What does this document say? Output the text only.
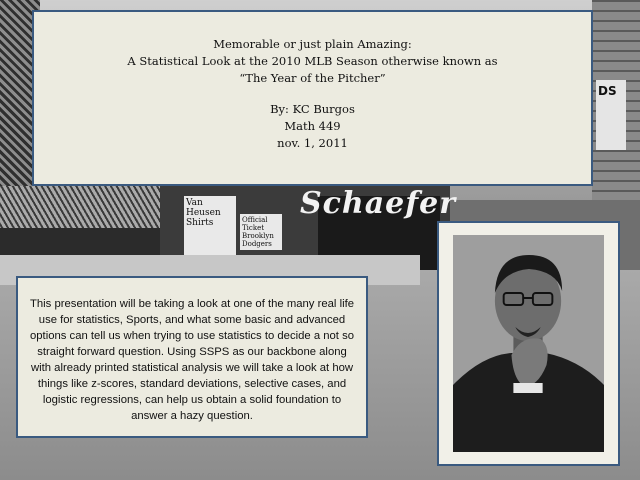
DS
Van Heusen Shirts	Official Ticket Brooklyn Dodgers
Schaefer
Memorable or just plain Amazing:
A Statistical Look at the 2010 MLB Season otherwise known as
“The Year of the Pitcher”
By: KC Burgos
Math 449
nov. 1, 2011

This presentation will be taking a look at one of the many real life use for statistics, Sports, and what some basic and advanced options can tell us when trying to use statistics to decide a not so straight forward question. Using SSPS as our backbone along with already printed statistical analysis we will take a look at how things like z-scores, standard deviations, selective cases, and logistic regressions, can help us obtain a solid foundation to answer a hazy question.
